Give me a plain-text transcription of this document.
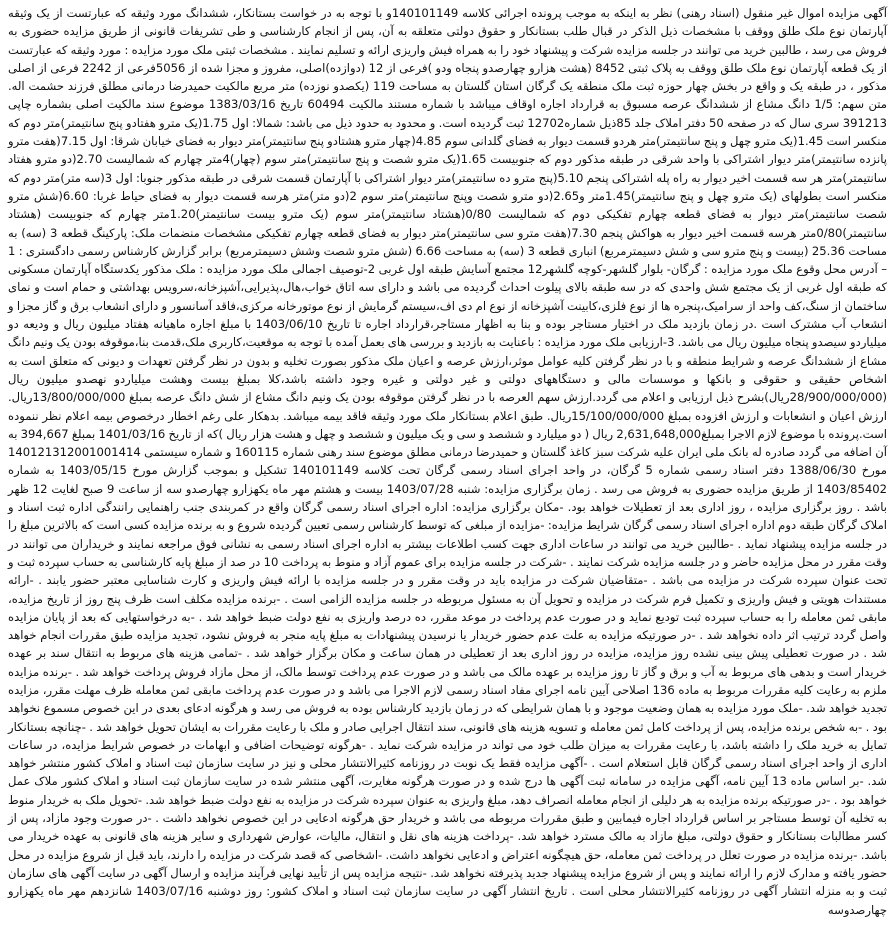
آگهی مزایده اموال غیر منقول (اسناد رهنی) نظر به اینکه به موجب پرونده اجرائی کلاسه 140101149و با توجه به در خواست بستانکار، ششدانگ مورد وثیقه که عبارتست از یک وثیقه آپارتمان نوع ملک طلق ووقف با مشخصات ذیل الذکر در قبال طلب بستانکار و حقوق دولتی متعلقه به آن، پس از انجام کارشناسی و طی تشریفات قانونی از طریق مزایده حضوری به فروش می رسد ، طالبین خرید می توانند در جلسه مزایده شرکت و پیشنهاد خود را به همراه فیش واریزی ارائه و تسلیم نمایند . مشخصات ثبتی ملک مورد مزایده : مورد وثیقه که عبارتست از یک قطعه آپارتمان نوع ملک طلق ووقف به پلاک ثبتی 8452 (هشت هزارو چهارصدو پنجاه ودو )فرعی از 12 (دوازده)اصلی، مفروز و مجزا شده از 5056فرعی از 2242 فرعی از اصلی مذکور ، در طبقه یک و واقع در بخش چهار حوزه ثبت ملک منطقه یک گرگان استان گلستان به مساحت 119 (یکصدو نوزده) متر مربع مالکیت حمیدرضا درمانی مطلق فرزند حشمت اله. متن سهم: 1/5 دانگ مشاع از ششدانگ عرصه مسبوق به قرارداد اجاره اوقاف میباشد با شماره مستند مالکیت 60494 تاریخ 1383/03/16 موضوع سند مالکیت اصلی بشماره چاپی 391213 سری سال که در صفحه 50 دفتر املاک جلد 85ذیل شماره12702 ثبت گردیده است. و محدود به حدود ذیل می باشد: شمالا: اول 1.75(یک مترو هفتادو پنج سانتیمتر)متر دوم که منکسر است 1.45(یک مترو چهل و پنج سانتیمتر)متر هردو قسمت دیوار به فضای گلدانی سوم 4.85(چهار مترو هشتادو پنج سانتیمتر)متر دیوار به فضای خیابان شرقا: اول 7.15(هفت مترو پانزده سانتیمتر)متر دیوار اشتراکی با واحد شرقی در طبقه مذکور دوم که جنوبیست 1.65(یک مترو شصت و پنج سانتیمتر)متر سوم (چهار)4متر چهارم که شمالیست 2.70(دو مترو هفتاد سانتیمتر)متر هر سه قسمت اخیر دیوار به راه پله اشتراکی پنجم 5.10(پنج مترو ده سانتیمتر)متر دیوار اشتراکی با آپارتمان قسمت شرقی در طبقه مذکور جنوبا: اول 3(سه متر)متر دوم که منکسر است بطولهای (یک مترو چهل و پنج سانتیمتر)1.45متر و2.65(دو مترو شصت وپنج سانتیمتر)متر سوم 2(دو متر)متر هرسه قسمت دیوار به فضای حیاط غربا: 6.60(شش مترو شصت سانتیمتر)متر دیوار به فضای قطعه چهارم تفکیکی دوم که شمالیست 0/80(هشتاد سانتیمتر)متر سوم (یک مترو بیست سانتیمتر)1.20متر چهارم که جنوبیست (هشتاد سانتیمتر)0/80متر هرسه قسمت اخیر دیوار به هواکش پنجم 7.30(هفت مترو سی سانتیمتر)متر دیوار به فضای قطعه چهارم تفکیکی مشخصات منضمات ملک: پارکینگ قطعه 3 (سه) به مساحت 25.36 (بیست و پنج مترو سی و شش دسیمترمربع) انباری قطعه 3 (سه) به مساحت 6.66 (شش مترو شصت وشش دسیمترمربع) برابر گزارش کارشناس رسمی دادگستری : 1 – آدرس محل وقوع ملک مورد مزایده : گرگان- بلوار گلشهر-کوچه گلشهر12 مجتمع آسایش طبقه اول غربی 2-توصیف اجمالی ملک مورد مزایده : ملک مذکور یکدستگاه آپارتمان مسکونی که طبقه اول غربی از یک مجتمع شش واحدی که در سه طبقه بالای پیلوت احداث گردیده می باشد و دارای سه اتاق خواب،هال،پذیرایی،آشپزخانه،سرویس بهداشتی و حمام است و نمای ساختمان از سنگ،کف واحد از سرامیک،پنجره ها از نوع فلزی،کابینت آشپزخانه از نوع ام دی اف،سیستم گرمایش از نوع موتورخانه مرکزی،فاقد آسانسور و دارای انشعاب برق و گاز مجزا و انشعاب آب مشترک است .در زمان بازدید ملک در اختیار مستاجر بوده و بنا به اظهار مستاجر،قرارداد اجاره تا تاریخ 1403/06/10 با مبلغ اجاره ماهیانه هفتاد میلیون ریال و ودیعه دو میلیاردو سیصدو پنجاه میلیون ریال می باشد. 3-ارزیابی ملک مورد مزایده : باعنایت به بازدید و بررسی های بعمل آمده با توجه به موقعیت،کاربری ملک،قدمت بنا،موقوفه بودن یک ونیم دانگ مشاع از ششدانگ عرصه و شرایط منطقه و با در نظر گرفتن کلیه عوامل موثر،ارزش عرصه و اعیان ملک مذکور بصورت تخلیه و بدون در نظر گرفتن تعهدات و دیونی که متعلق است به اشخاص حقیقی و حقوقی و بانکها و موسسات مالی و دستگاههای دولتی و غیر دولتی و غیره وجود داشته باشد،کلا بمبلغ بیست وهشت میلیاردو نهصدو میلیون ریال (28/900/000/000ریال)بشرح ذیل ارزیابی و اعلام می گردد.ارزش سهم العرصه با در نظر گرفتن موقوفه بودن یک ونیم دانگ مشاع از شش دانگ عرصه بمبلغ 13/800/000/000ریال. ارزش اعیان و انشعابات و ارزش افزوده بمبلغ 15/100/000/000ریال. طبق اعلام بستانکار ملک مورد وثیقه فاقد بیمه میباشد. بدهکار علی رغم اخطار درخصوص بیمه اعلام نظر ننموده است.پرونده با موضوع لازم الاجرا بمبلغ2,631,648,000 ریال ( دو میلیارد و ششصد و سی و یک میلیون و ششصد و چهل و هشت هزار ریال )که از تاریخ 1401/03/16 بمبلغ 394,667 به آن اضافه می گردد صادره له بانک ملی ایران علیه شرکت سبز کاغذ گلستان و حمیدرضا درمانی مطلق موضوع سند رهنی شماره 160115 و شماره سیستمی 140121312001001414 مورخ 1388/06/30 دفتر اسناد رسمی شماره 5 گرگان، در واحد اجرای اسناد رسمی گرگان تحت کلاسه 140101149 تشکیل و بموجب گزارش مورخ 1403/05/15 به شماره 1403/85402 از طریق مزایده حضوری به فروش می رسد . زمان برگزاری مزایده: شنبه 1403/07/28 بیست و هشتم مهر ماه یکهزارو چهارصدو سه از ساعت 9 صبح لغایت 12 ظهر باشد . روز برگزاری مزایده ، روز اداری بعد از تعطیلات خواهد بود. -مکان برگزاری مزایده: اداره اجرای اسناد رسمی گرگان واقع در کمربندی جنب راهنمایی رانندگی اداره ثبت اسناد و املاک گرگان طبقه دوم اداره اجرای اسناد رسمی گرگان شرایط مزایده: -مزایده از مبلغی که توسط کارشناس رسمی تعیین گردیده شروع و به برنده مزایده کسی است که بالاترین مبلغ را در جلسه مزایده پیشنهاد نماید . -طالبین خرید می توانند در ساعات اداری جهت کسب اطلاعات بیشتر به اداره اجرای اسناد رسمی به نشانی فوق مراجعه نمایند و خریداران می توانند در وقت مقرر در محل مزایده حاضر و در جلسه مزایده شرکت نمایند . -شرکت در جلسه مزایده برای عموم آزاد و منوط به پرداخت 10 در صد از مبلغ پایه کارشناسی به حساب سپرده ثبت و تحت عنوان سپرده شرکت در مزایده می باشد . -متقاضیان شرکت در مزایده باید در وقت مقرر و در جلسه مزایده با ارائه فیش واریزی و کارت شناسایی معتبر حضور یابند . -ارائه مستندات هویتی و فیش واریزی و تکمیل فرم شرکت در مزایده و تحویل آن به مسئول مربوطه در جلسه مزایده الزامی است . -برنده مزایده مکلف است ظرف پنج روز از تاریخ مزایده، مابقی ثمن معامله را به حساب سپرده ثبت تودیع نماید و در صورت عدم پرداخت در موعد مقرر، ده درصد واریزی به نفع دولت ضبط خواهد شد . -به درخواستهایی که بعد از پایان مزایده واصل گردد ترتیب اثر داده نخواهد شد . -در صورتیکه مزایده به علت عدم حضور خریدار یا نرسیدن پیشنهادات به مبلغ پایه منجر به فروش نشود، تجدید مزایده طبق مقررات انجام خواهد شد . در صورت تعطیلی پیش بینی نشده روز مزایده، مزایده در روز اداری بعد از تعطیلی در همان ساعت و مکان برگزار خواهد شد . -تمامی هزینه های مربوط به انتقال سند بر عهده خریدار است و بدهی های مربوط به آب و برق و گاز تا روز مزایده بر عهده مالک می باشد و در صورت عدم پرداخت توسط مالک، از محل مازاد فروش پرداخت خواهد شد . -برنده مزایده ملزم به رعایت کلیه مقررات مربوط به ماده 136 اصلاحی آیین نامه اجرای مفاد اسناد رسمی لازم الاجرا می باشد و در صورت عدم پرداخت مابقی ثمن معامله ظرف مهلت مقرر، مزایده تجدید خواهد شد. -ملک مورد مزایده به همان وضعیت موجود و با همان شرایطی که در زمان بازدید کارشناس بوده به فروش می رسد و هرگونه ادعای بعدی در این خصوص مسموع نخواهد بود . -به شخص برنده مزایده، پس از پرداخت کامل ثمن معامله و تسویه هزینه های قانونی، سند انتقال اجرایی صادر و ملک با رعایت مقررات به ایشان تحویل خواهد شد . -چنانچه بستانکار تمایل به خرید ملک را داشته باشد، با رعایت مقررات به میزان طلب خود می تواند در مزایده شرکت نماید . -هرگونه توضیحات اضافی و ابهامات در خصوص شرایط مزایده، در ساعات اداری از واحد اجرای اسناد رسمی گرگان قابل استعلام است . -آگهی مزایده فقط یک نوبت در روزنامه کثیرالانتشار محلی و نیز در سایت سازمان ثبت اسناد و املاک کشور منتشر خواهد شد. -بر اساس ماده 13 آیین نامه، آگهی مزایده در سامانه ثبت آگهی ها درج شده و در صورت هرگونه مغایرت، آگهی منتشر شده در سایت سازمان ثبت اسناد و املاک کشور ملاک عمل خواهد بود . -در صورتیکه برنده مزایده به هر دلیلی از انجام معامله انصراف دهد، مبلغ واریزی به عنوان سپرده شرکت در مزایده به نفع دولت ضبط خواهد شد. -تحویل ملک به خریدار منوط به تخلیه آن توسط مستاجر بر اساس قرارداد اجاره فیمابین و طبق مقررات مربوطه می باشد و خریدار حق هرگونه ادعایی در این خصوص نخواهد داشت . -در صورت وجود مازاد، پس از کسر مطالبات بستانکار و حقوق دولتی، مبلغ مازاد به مالک مسترد خواهد شد. -پرداخت هزینه های نقل و انتقال، مالیات، عوارض شهرداری و سایر هزینه های قانونی به عهده خریدار می باشد. -برنده مزایده در صورت تعلل در پرداخت ثمن معامله، حق هیچگونه اعتراض و ادعایی نخواهد داشت. -اشخاصی که قصد شرکت در مزایده را دارند، باید قبل از شروع مزایده در محل حضور یافته و مدارک لازم را ارائه نمایند و پس از شروع مزایده پیشنهاد جدید پذیرفته نخواهد شد. -نتیجه مزایده پس از تأیید نهایی فرآیند مزایده و ارسال آگهی در سایت آگهی های سازمان ثبت و به منزله انتشار آگهی در روزنامه کثیرالانتشار محلی است . تاریخ انتشار آگهی در سایت سازمان ثبت اسناد و املاک کشور: روز دوشنبه 1403/07/16 شانزدهم مهر ماه یکهزارو چهارصدوسه
